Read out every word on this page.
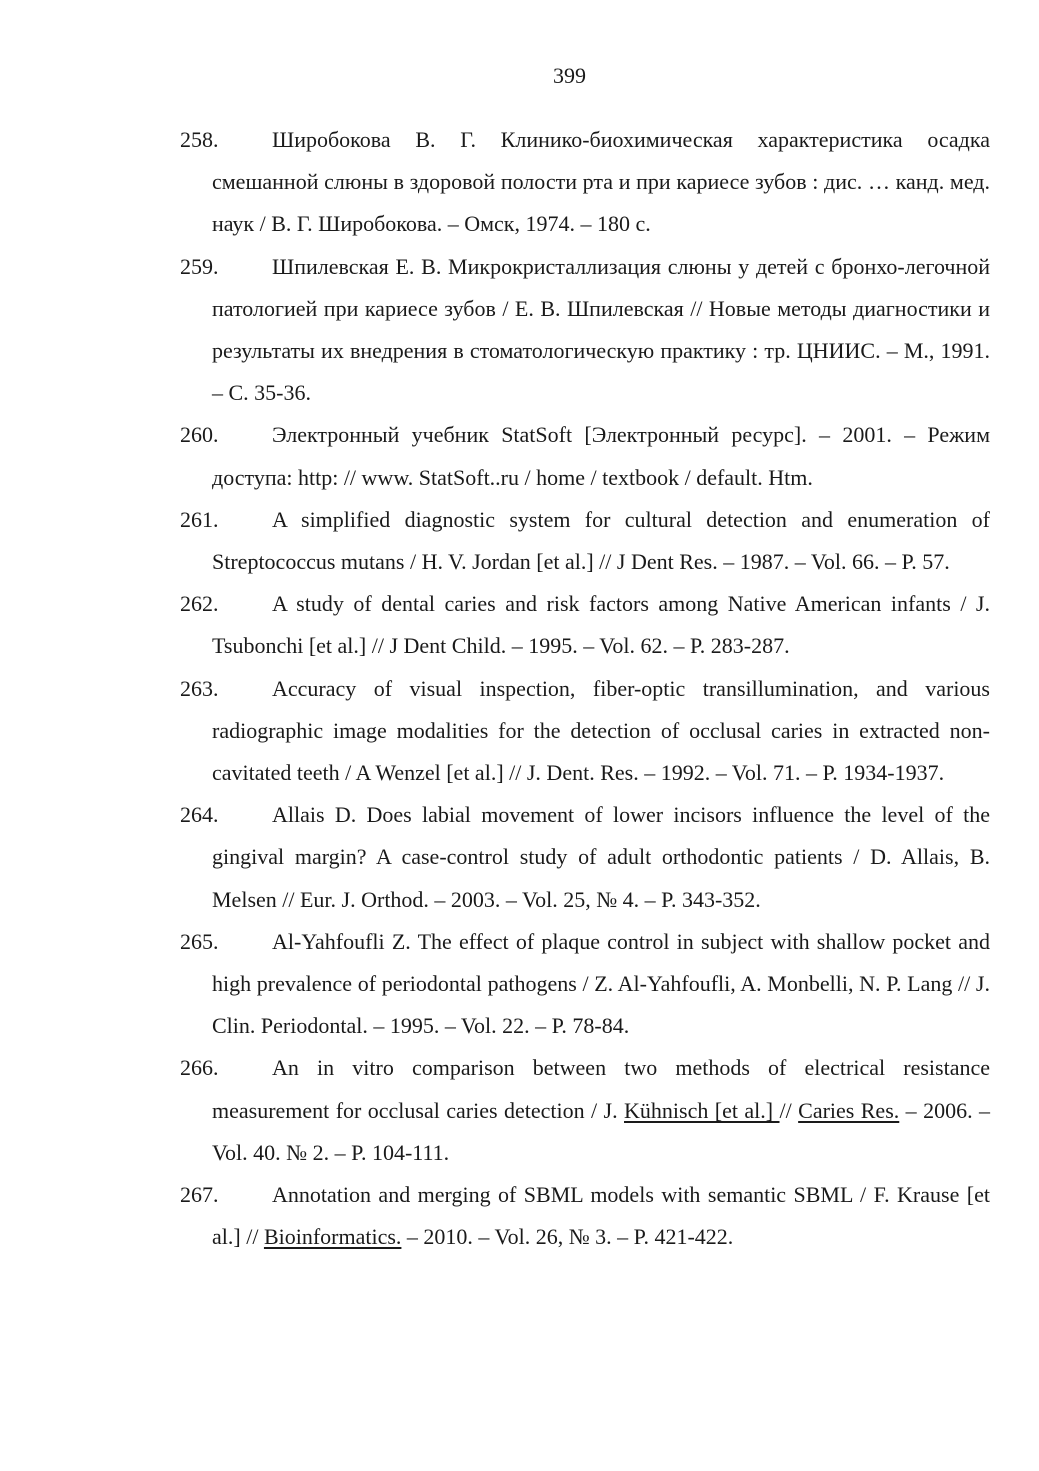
399

258. Широбокова В. Г. Клинико-биохимическая характеристика осадка смешанной слюны в здоровой полости рта и при кариесе зубов : дис. … канд. мед. наук / В. Г. Широбокова. – Омск, 1974. – 180 с.

259. Шпилевская Е. В. Микрокристаллизация слюны у детей с бронхо-легочной патологиeй при кариесе зубов / Е. В. Шпилевская // Новые методы диагностики и результаты их внедрения в стоматологическую практику : тр. ЦНИИС. – М., 1991. – С. 35-36.

260. Электронный учебник StatSoft [Электронный ресурс]. – 2001. – Режим доступа: http: // www. StatSoft..ru / home / textbook / default. Htm.

261. A simplified diagnostic system for cultural detection and enumeration of Streptococcus mutans / H. V. Jordan [et al.] // J Dent Res. – 1987. – Vol. 66. – P. 57.

262. A study of dental caries and risk factors among Native American infants / J. Tsubonchi [et al.] // J Dent Child. – 1995. – Vol. 62. – P. 283-287.

263. Accuracy of visual inspection, fiber-optic transillumination, and various radiographic image modalities for the detection of occlusal caries in extracted non-cavitated teeth / A Wenzel [et al.] // J. Dent. Res. – 1992. – Vol. 71. – P. 1934-1937.

264. Allais D. Does labial movement of lower incisors influence the level of the gingival margin? A case-control study of adult orthodontic patients / D. Allais, B. Melsen // Eur. J. Orthod. – 2003. – Vol. 25, № 4. – P. 343-352.

265. Al-Yahfoufli Z. The effect of plaque control in subject with shallow pocket and high prevalence of periodontal pathogens / Z. Al-Yahfoufli, A. Monbelli, N. P. Lang // J. Clin. Periodontal. – 1995. – Vol. 22. – P. 78-84.

266. An in vitro comparison between two methods of electrical resistance measurement for occlusal caries detection / J. Kühnisch [et al.] // Caries Res. – 2006. – Vol. 40. № 2. – P. 104-111.

267. Annotation and merging of SBML models with semantic SBML / F. Krause [et al.] // Bioinformatics. – 2010. – Vol. 26, № 3. – P. 421-422.
